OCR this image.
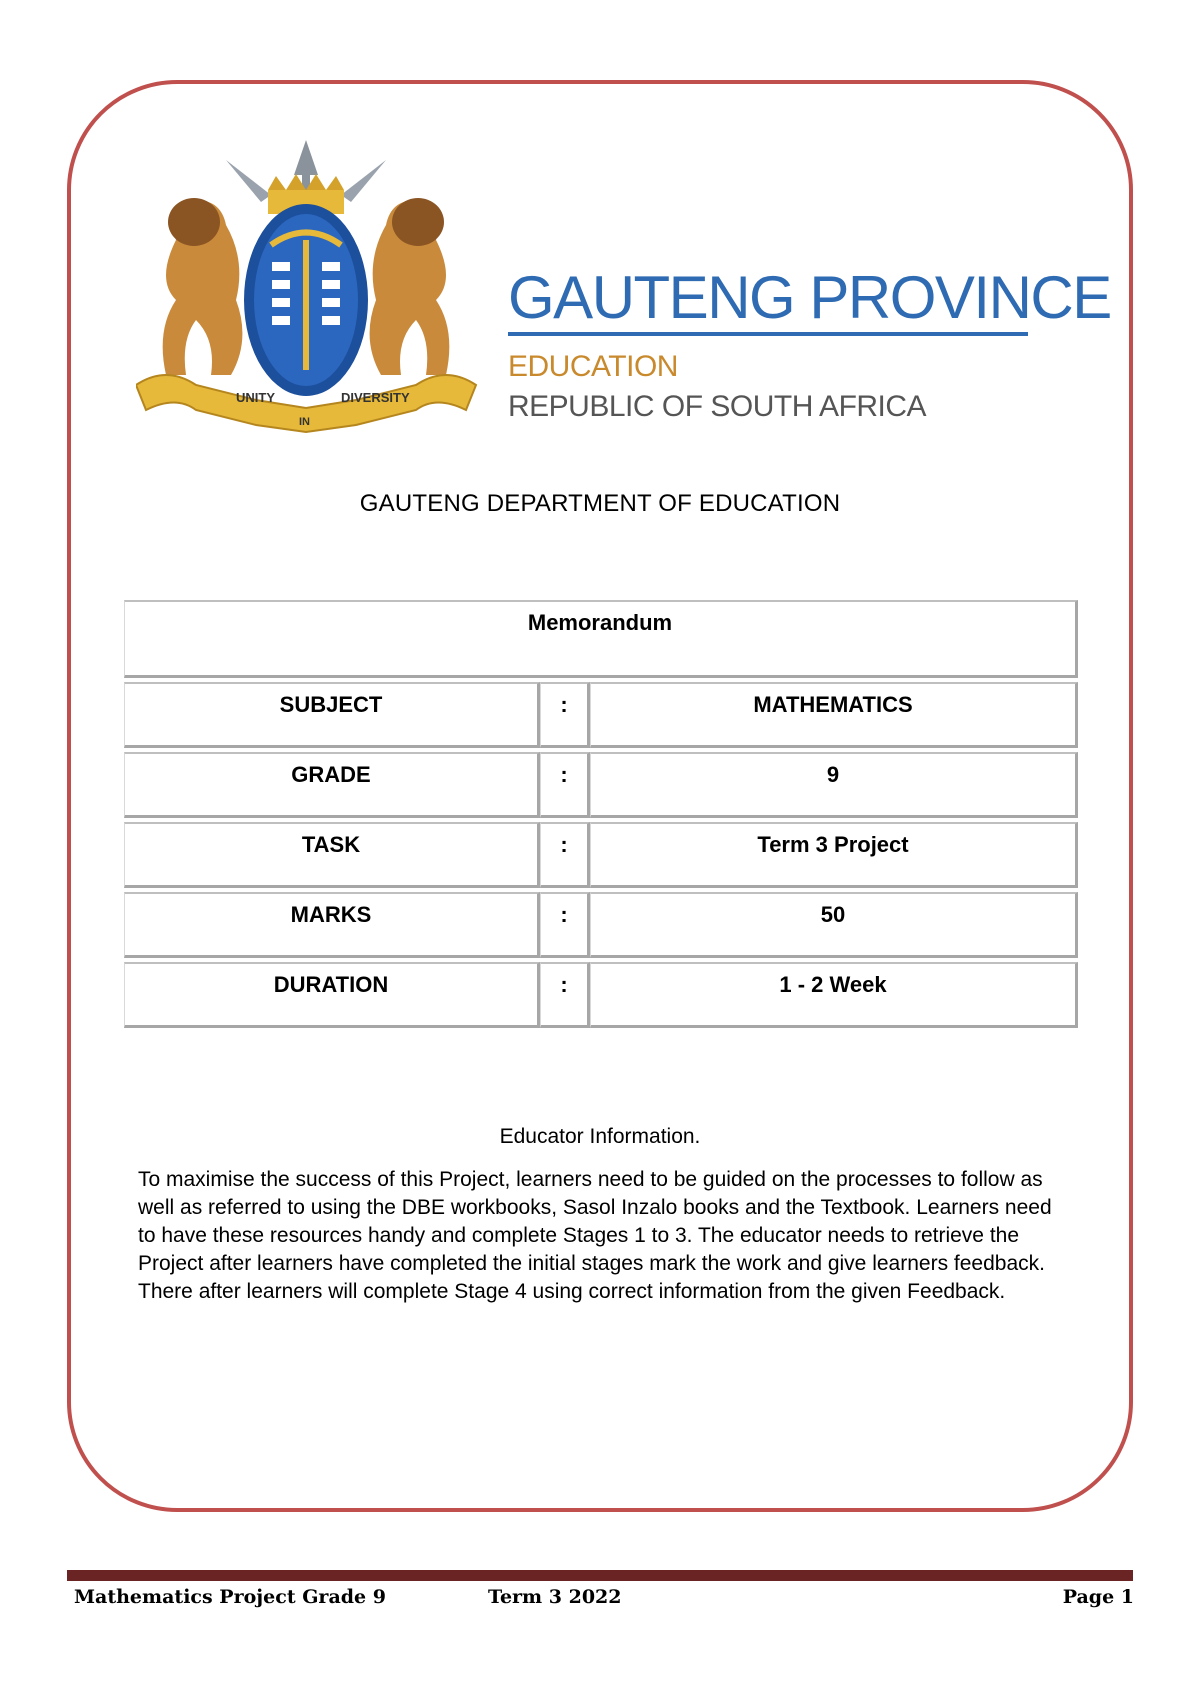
UNITY
IN
DIVERSITY
GAUTENG PROVINCE
EDUCATION
REPUBLIC OF SOUTH AFRICA
GAUTENG DEPARTMENT OF EDUCATION
Memorandum		
SUBJECT	:	MATHEMATICS
GRADE	:	9
TASK	:	Term 3 Project
MARKS	:	50
DURATION	:	1 - 2 Week
Educator Information.
To maximise the success of this Project, learners need to be guided on the processes to follow as well as referred to using the DBE workbooks, Sasol Inzalo books and the Textbook. Learners need to have these resources handy and complete Stages 1 to 3. The educator needs to retrieve the Project after learners have completed the initial stages mark the work and give learners feedback. There after learners will complete Stage 4 using correct information from the given Feedback.
Mathematics Project Grade 9	Term 3 2022	Page 1
